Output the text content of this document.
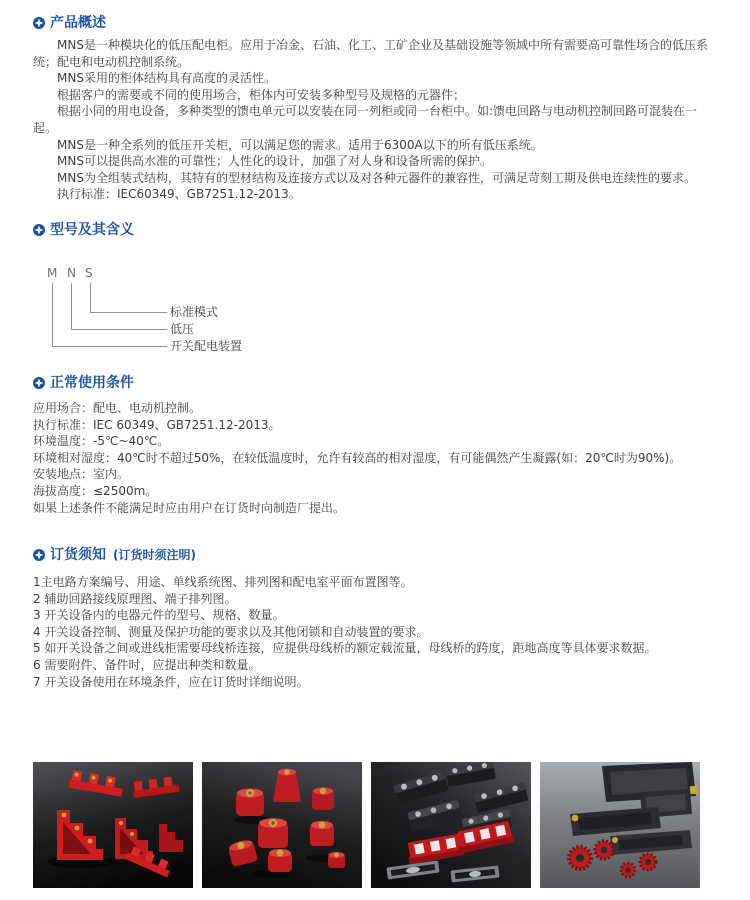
产品概述

MNS是一种模块化的低压配电柜。应用于冶金、石油、化工、工矿企业及基础设施等领域中所有需要高可靠性场合的低压系统；配电和电动机控制系统。

MNS采用的柜体结构具有高度的灵活性。

根据客户的需要或不同的使用场合，柜体内可安装多种型号及规格的元器件；

根据小同的用电设备，多种类型的馈电单元可以安装在同一列柜或同一台柜中。如:馈电回路与电动机控制回路可混装在一起。

MNS是一种全系列的低压开关柜，可以满足您的需求。适用于6300A以下的所有低压系统。

MNS可以提供高水准的可靠性；人性化的设计，加强了对人身和设备所需的保护。

MNS为全组装式结构，其特有的型材结构及连接方式以及对各种元器件的兼容性，可满足苛刻工期及供电连续性的要求。

执行标准：IEC60349、GB7251.12-2013。

型号及其含义
M N S
标准模式
低压
开关配电装置
正常使用条件

应用场合：配电、电动机控制。

执行标准：IEC 60349、GB7251.12-2013。

环境温度：-5℃~40℃。

环境相对湿度：40℃时不超过50%，在较低温度时，允许有较高的相对湿度，有可能偶然产生凝露(如：20℃时为90%)。

安装地点：室内。

海拔高度：≤2500m。

如果上述条件不能满足时应由用户在订货时向制造厂提出。

订货须知 (订货时须注明)

1主电路方案编号、用途、单线系统图、排列图和配电室平面布置图等。

2 辅助回路接线原理图、端子排列图。

3 开关设备内的电器元件的型号、规格、数量。

4 开关设备控制、测量及保护功能的要求以及其他闭锁和自动装置的要求。

5 如开关设备之间或进线柜需要母线桥连接，应提供母线桥的额定载流量，母线桥的跨度，距地高度等具体要求数据。

6 需要附件、备件时，应提出种类和数量。

7 开关设备使用在环境条件，应在订货时详细说明。
